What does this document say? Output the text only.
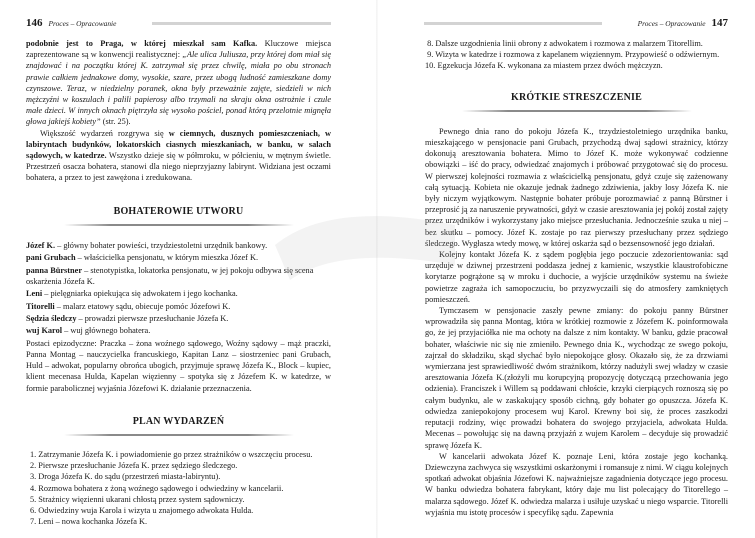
146 Proces – Opracowanie

podobnie jest to Praga, w której mieszkał sam Kafka. Kluczowe miejsca zaprezentowane są w konwencji realistycznej: „Ale ulica Juliusza, przy której dom miał się znajdować i na początku której K. zatrzymał się przez chwilę, miała po obu stronach prawie całkiem jednakowe domy, wysokie, szare, przez ubogą ludność zamieszkane domy czynszowe. Teraz, w niedzielny poranek, okna były przeważnie zajęte, siedzieli w nich mężczyźni w koszulach i palili papierosy albo trzymali na skraju okna ostrożnie i czule małe dzieci. W innych oknach piętrzyła się wysoko pościel, ponad którą przelotnie mignęła głowa jakiejś kobiety” (str. 25).

Większość wydarzeń rozgrywa się w ciemnych, dusznych pomieszczeniach, w labiryntach budynków, lokatorskich ciasnych mieszkaniach, w banku, w salach sądowych, w katedrze. Wszystko dzieje się w półmroku, w półcieniu, w mętnym świetle. Przestrzeń osacza bohatera, stanowi dla niego nieprzyjazny labirynt. Widziana jest oczami bohatera, a przez to jest zawężona i zredukowana.

BOHATEROWIE UTWORU

Józef K. – główny bohater powieści, trzydziestoletni urzędnik bankowy.

pani Grubach – właścicielka pensjonatu, w którym mieszka Józef K.

panna Bürstner – stenotypistka, lokatorka pensjonatu, w jej pokoju odbywa się scena oskarżenia Józefa K.

Leni – pielęgniarka opiekująca się adwokatem i jego kochanka.

Titorelli – malarz etatowy sądu, obiecuje pomóc Józefowi K.

Sędzia śledczy – prowadzi pierwsze przesłuchanie Józefa K.

wuj Karol – wuj głównego bohatera.

Postaci epizodyczne: Praczka – żona woźnego sądowego, Woźny sądowy – mąż praczki, Panna Montag – nauczycielka francuskiego, Kapitan Lanz – siostrzeniec pani Grubach, Huld – adwokat, popularny obrońca ubogich, przyjmuje sprawę Józefa K., Block – kupiec, klient mecenasa Hulda, Kapelan więzienny – spotyka się z Józefem K. w katedrze, w formie parabolicznej wyjaśnia Józefowi K. działanie przeznaczenia.

PLAN WYDARZEŃ
1. Zatrzymanie Józefa K. i powiadomienie go przez strażników o wszczęciu procesu.
2. Pierwsze przesłuchanie Józefa K. przez sędziego śledczego.
3. Droga Józefa K. do sądu (przestrzeń miasta-labiryntu).
4. Rozmowa bohatera z żoną woźnego sądowego i odwiedziny w kancelarii.
5. Strażnicy więzienni ukarani chłostą przez system sądowniczy.
6. Odwiedziny wuja Karola i wizyta u znajomego adwokata Hulda.
7. Leni – nowa kochanka Józefa K.
Proces – Opracowanie 147
8. Dalsze uzgodnienia linii obrony z adwokatem i rozmowa z malarzem Titorellim.
9. Wizyta w katedrze i rozmowa z kapelanem więziennym. Przypowieść o odźwiernym.
10. Egzekucja Józefa K. wykonana za miastem przez dwóch mężczyzn.
KRÓTKIE STRESZCZENIE

Pewnego dnia rano do pokoju Józefa K., trzydziestoletniego urzędnika banku, mieszkającego w pensjonacie pani Grubach, przychodzą dwaj sądowi strażnicy, którzy dokonują aresztowania bohatera. Mimo to Józef K. może wykonywać codzienne obowiązki – iść do pracy, odwiedzać znajomych i próbować przygotować się do procesu. W pierwszej kolejności rozmawia z właścicielką pensjonatu, gdyż czuje się zażenowany całą sytuacją. Kobieta nie okazuje jednak żadnego zdziwienia, jakby losy Józefa K. nie były niczym wyjątkowym. Następnie bohater próbuje porozmawiać z panną Bürstner i przeprosić ją za naruszenie prywatności, gdyż w czasie aresztowania jej pokój został zajęty przez urzędników i wykorzystany jako miejsce przesłuchania. Jednocześnie szuka u niej – bez skutku – pomocy. Józef K. zostaje po raz pierwszy przesłuchany przez sędziego śledczego. Wygłasza wtedy mowę, w której oskarża sąd o bezsensowność jego działań.

Kolejny kontakt Józefa K. z sądem pogłębia jego poczucie zdezorientowania: sąd urzęduje w dziwnej przestrzeni poddasza jednej z kamienic, wszystkie klaustrofobiczne korytarze pogrążone są w mroku i duchocie, a wyjście urzędników systemu na świeże powietrze zagraża ich samopoczuciu, bo przyzwyczaili się do atmosfery zamkniętych pomieszczeń.

Tymczasem w pensjonacie zaszły pewne zmiany: do pokoju panny Bürstner wprowadziła się panna Montag, która w krótkiej rozmowie z Józefem K. poinformowała go, że jej przyjaciółka nie ma ochoty na dalsze z nim kontakty. W banku, gdzie pracował bohater, właściwie nic się nie zmieniło. Pewnego dnia K., wychodząc ze swego pokoju, zajrzał do składziku, skąd słychać było niepokojące głosy. Okazało się, że za drzwiami wymierzana jest sprawiedliwość dwóm strażnikom, którzy nadużyli swej władzy w czasie aresztowania Józefa K.(złożyli mu korupcyjną propozycję dotyczącą przechowania jego odzienia). Franciszek i Willem są poddawani chłoście, krzyki cierpiących roznoszą się po całym budynku, ale w zaskakujący sposób cichną, gdy bohater go opuszcza. Józefa K. odwiedza zaniepokojony procesem wuj Karol. Krewny boi się, że proces zaszkodzi reputacji rodziny, więc prowadzi bohatera do swojego przyjaciela, adwokata Hulda. Mecenas – powołując się na dawną przyjaźń z wujem Karolem – decyduje się prowadzić sprawę Józefa K.

W kancelarii adwokata Józef K. poznaje Leni, która zostaje jego kochanką. Dziewczyna zachwyca się wszystkimi oskarżonymi i romansuje z nimi. W ciągu kolejnych spotkań adwokat objaśnia Józefowi K. najważniejsze zagadnienia dotyczące jego procesu. W banku odwiedza bohatera fabrykant, który daje mu list polecający do Titorellego – malarza sądowego. Józef K. odwiedza malarza i usiłuje uzyskać u niego wsparcie. Titorelli wyjaśnia mu istotę procesów i specyfikę sądu. Zapewnia
